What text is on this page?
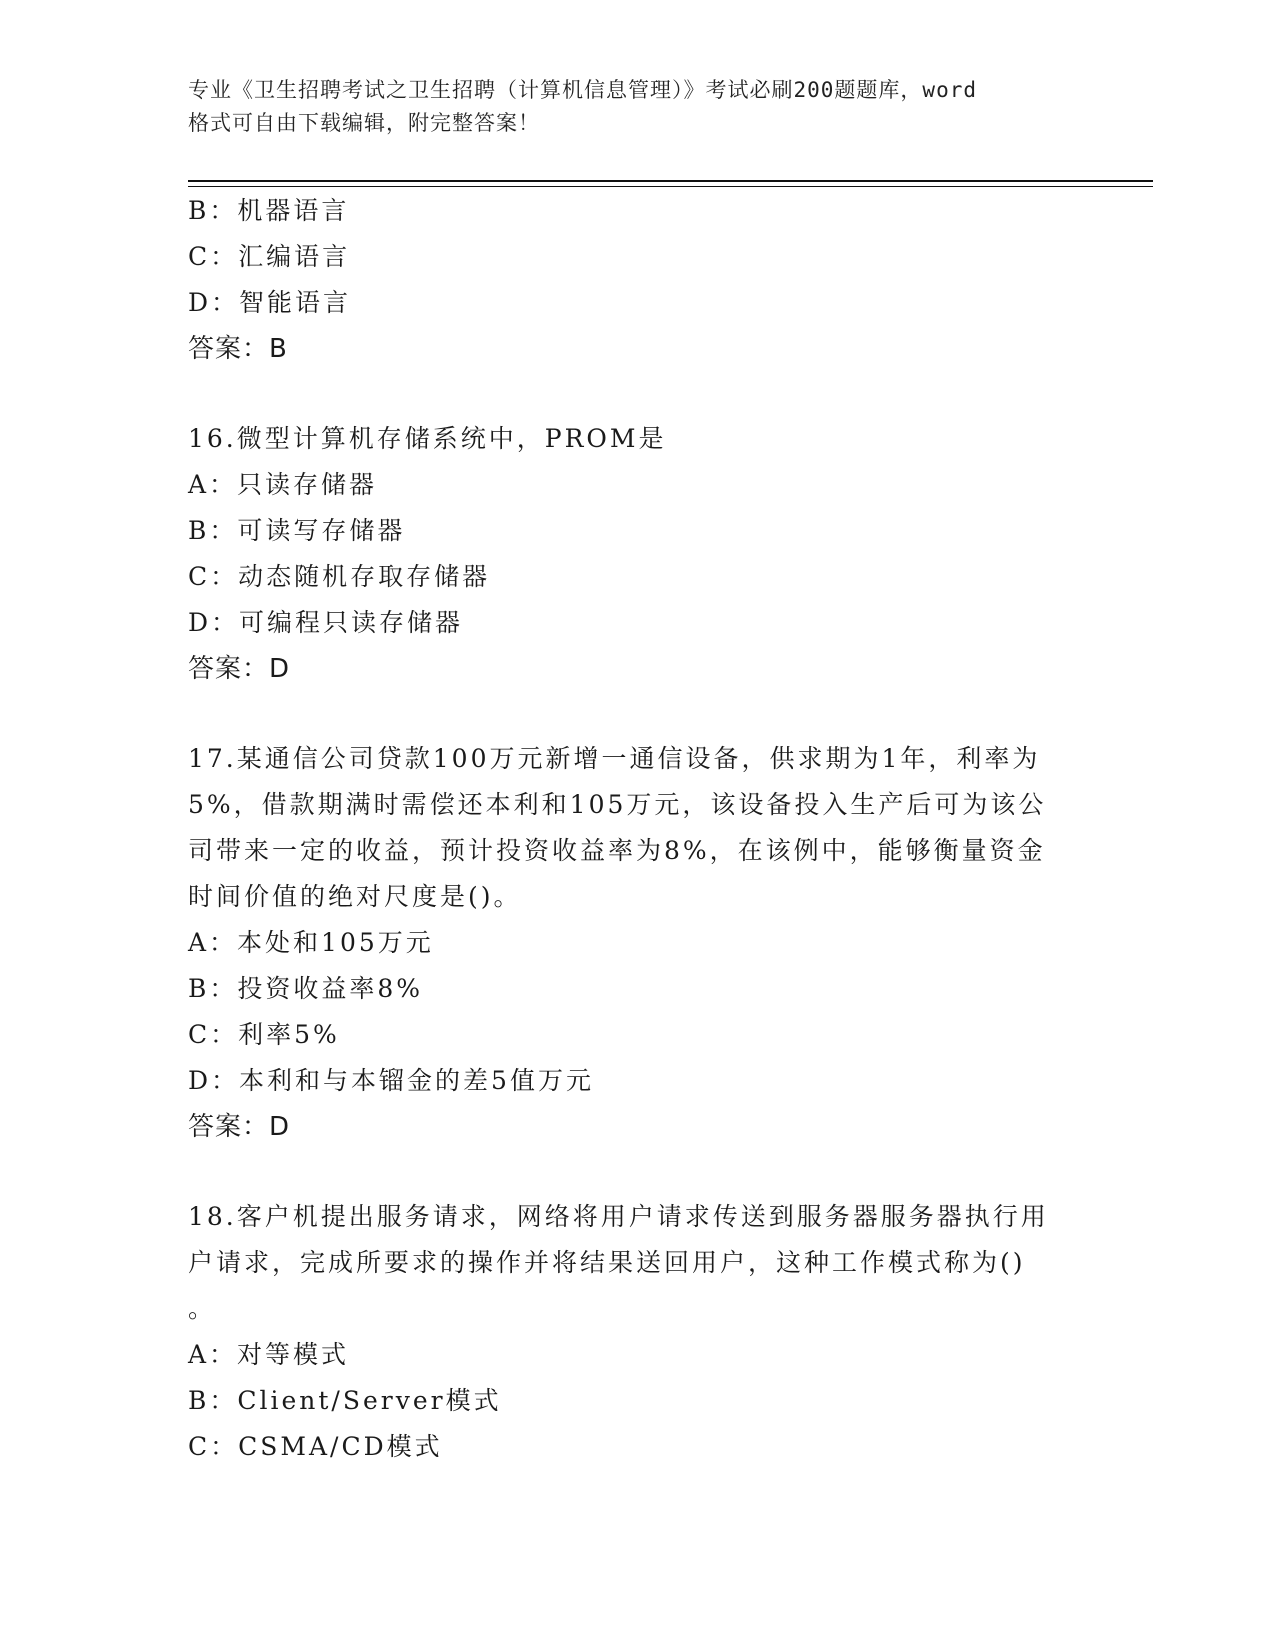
专业《卫生招聘考试之卫生招聘（计算机信息管理）》考试必刷200题题库，word
格式可自由下载编辑，附完整答案！
B：机器语言
C：汇编语言
D：智能语言
答案：B
16.微型计算机存储系统中，PROM是
A：只读存储器
B：可读写存储器
C：动态随机存取存储器
D：可编程只读存储器
答案：D
17.某通信公司贷款100万元新增一通信设备，供求期为1年，利率为
5%，借款期满时需偿还本利和105万元，该设备投入生产后可为该公
司带来一定的收益，预计投资收益率为8%，在该例中，能够衡量资金
时间价值的绝对尺度是()。
A：本处和105万元
B：投资收益率8%
C：利率5%
D：本利和与本镏金的差5值万元
答案：D
18.客户机提出服务请求，网络将用户请求传送到服务器服务器执行用
户请求，完成所要求的操作并将结果送回用户，这种工作模式称为()
。
A：对等模式
B：Client/Server模式
C：CSMA/CD模式
